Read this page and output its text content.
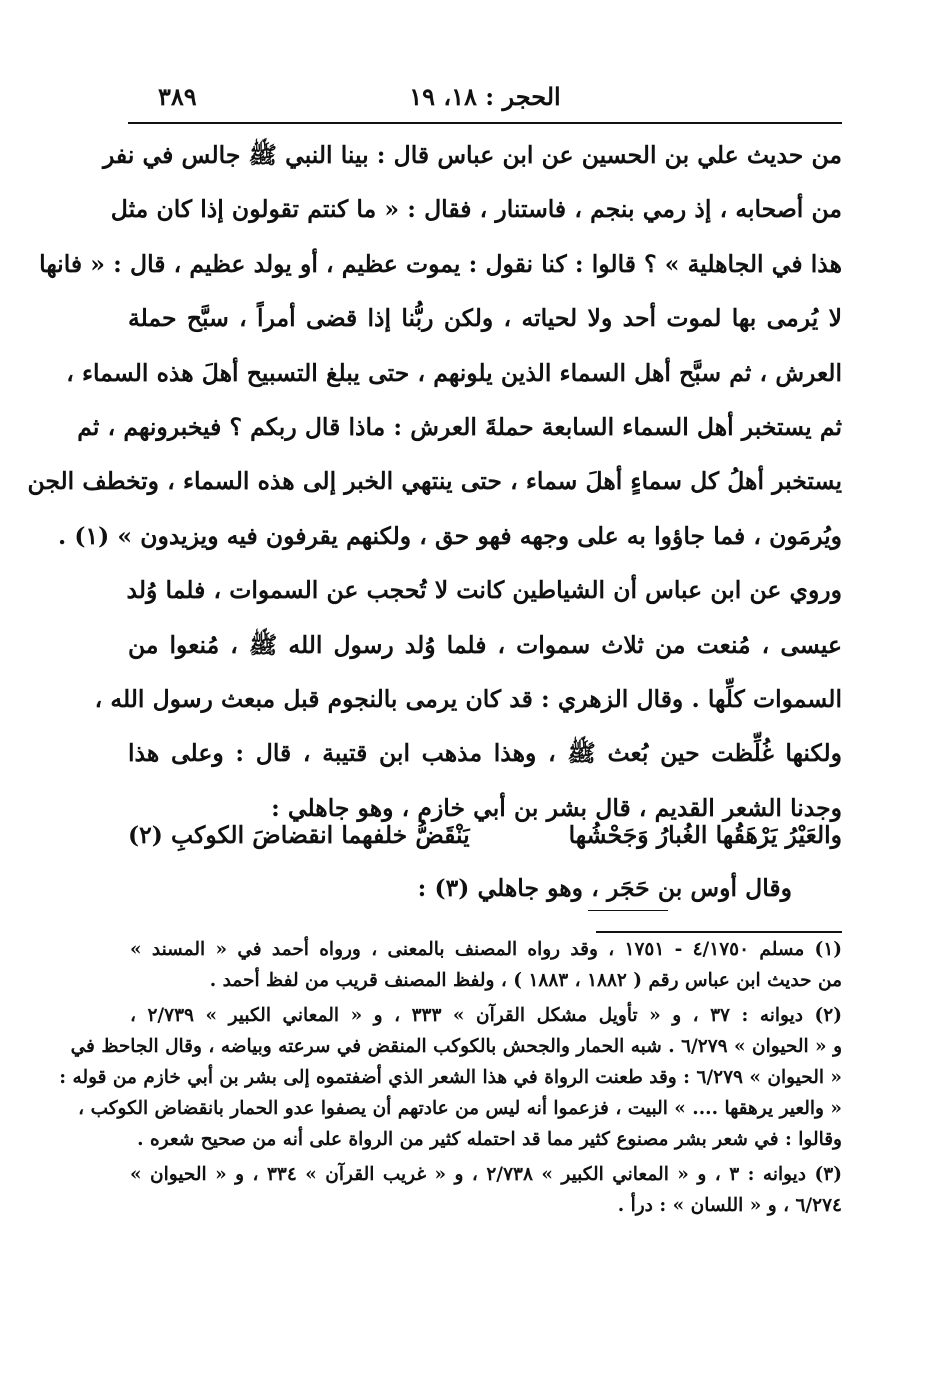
الحجر : ١٨، ١٩
٣٨٩
من حديث علي بن الحسين عن ابن عباس قال : بينا النبي ﷺ جالس في نفر
من أصحابه ، إذ رمي بنجم ، فاستنار ، فقال : « ما كنتم تقولون إذا كان مثل
هذا في الجاهلية » ؟ قالوا : كنا نقول : يموت عظيم ، أو يولد عظيم ، قال : « فانها
لا يُرمى بها لموت أحد ولا لحياته ، ولكن ربُّنا إذا قضى أمراً ، سبَّح حملة
العرش ، ثم سبَّح أهل السماء الذين يلونهم ، حتى يبلغ التسبيح أهلَ هذه السماء ،
ثم يستخبر أهل السماء السابعة حملةَ العرش : ماذا قال ربكم ؟ فيخبرونهم ، ثم
يستخبر أهلُ كل سماءٍ أهلَ سماء ، حتى ينتهي الخبر إلى هذه السماء ، وتخطف الجن
ويُرمَون ، فما جاؤوا به على وجهه فهو حق ، ولكنهم يقرفون فيه ويزيدون » (١) .
وروي عن ابن عباس أن الشياطين كانت لا تُحجب عن السموات ، فلما وُلد
عيسى ، مُنعت من ثلاث سموات ، فلما وُلد رسول الله ﷺ ، مُنعوا من
السموات كلِّها . وقال الزهري : قد كان يرمى بالنجوم قبل مبعث رسول الله ،
ولكنها غُلِّظت حين بُعث ﷺ ، وهذا مذهب ابن قتيبة ، قال : وعلى هذا
وجدنا الشعر القديم ، قال بشر بن أبي خازم ، وهو جاهلي :
والعَيْرُ يَرْهَقُها الغُبارُ وَجَحْشُها
يَنْقَضُّ خلفهما انقضاضَ الكوكبِ (٢)
وقال أوس بن حَجَر ، وهو جاهلي (٣) :
(١) مسلم ٤/١٧٥٠ - ١٧٥١ ، وقد رواه المصنف بالمعنى ، ورواه أحمد في « المسند »
من حديث ابن عباس رقم ( ١٨٨٢ ، ١٨٨٣ ) ، ولفظ المصنف قريب من لفظ أحمد .
(٢) ديوانه : ٣٧ ، و « تأويل مشكل القرآن » ٣٣٣ ، و « المعاني الكبير » ٢/٧٣٩ ،
و « الحيوان » ٦/٢٧٩ . شبه الحمار والجحش بالكوكب المنقض في سرعته وبياضه ، وقال الجاحظ في
« الحيوان » ٦/٢٧٩ : وقد طعنت الرواة في هذا الشعر الذي أضفتموه إلى بشر بن أبي خازم من قوله :
« والعير يرهقها .... » البيت ، فزعموا أنه ليس من عادتهم أن يصفوا عدو الحمار بانقضاض الكوكب ،
وقالوا : في شعر بشر مصنوع كثير مما قد احتمله كثير من الرواة على أنه من صحيح شعره .
(٣) ديوانه : ٣ ، و « المعاني الكبير » ٢/٧٣٨ ، و « غريب القرآن » ٣٣٤ ، و « الحيوان »
٦/٢٧٤ ، و « اللسان » : درأ .
